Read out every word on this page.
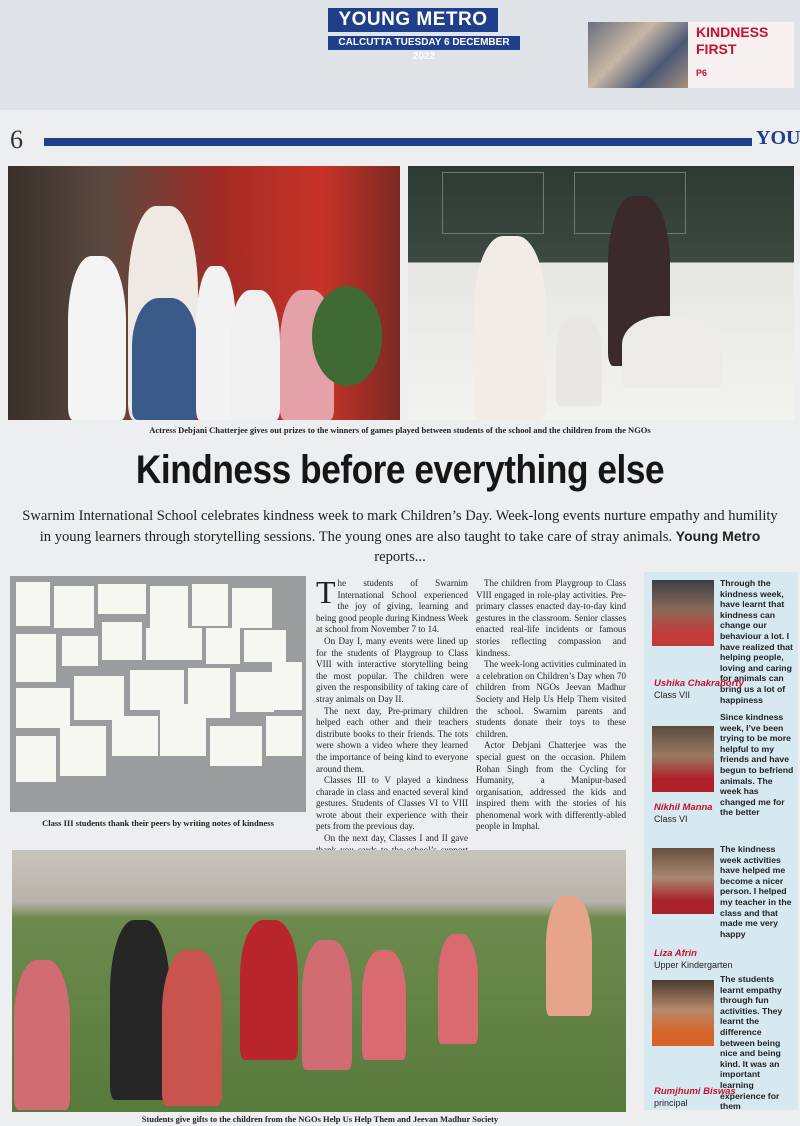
YOUNG METRO
CALCUTTA TUESDAY 6 DECEMBER 2022
KINDNESS FIRST
P6
6	YOU
Actress Debjani Chatterjee gives out prizes to the winners of games played between students of the school and the children from the NGOs
Kindness before everything else
Swarnim International School celebrates kindness week to mark Children’s Day. Week-long events nurture empathy and humility in young learners through storytelling sessions. The young ones are also taught to take care of stray animals. Young Metro reports...
Class III students thank their peers by writing notes of kindness

The students of Swarnim International School experienced the joy of giving, learning and being good people during Kindness Week at school from November 7 to 14.

On Day I, many events were lined up for the students of Playgroup to Class VIII with interactive storytelling being the most popular. The children were given the responsibility of taking care of stray animals on Day II.

The next day, Pre-primary children helped each other and their teachers distribute books to their friends. The tots were shown a video where they learned the importance of being kind to everyone around them.

Classes III to V played a kindness charade in class and enacted several kind gestures. Students of Classes VI to VIII wrote about their experience with their pets from the previous day.

On the next day, Classes I and II gave

The children from Playgroup to Class VIII engaged in role-play activities. Pre-primary classes enacted day-to-day kind gestures in the classroom. Senior classes enacted real-life incidents or famous stories reflecting compassion and kindness.

The week-long activities culminated in a celebration on Children’s Day when 70 children from NGOs Jeevan Madhur Society and Help Us Help Them visited the school. Swarnim parents and students donate their toys to these children.

Actor Debjani Chatterjee was the special guest on the occasion. Philem Rohan Singh from the Cycling for Humanity, a Manipur-based organisation, addressed the kids and inspired them with the stories of his phenomenal work with differently-abled people in Imphal.

Students give gifts to the children from the NGOs Help Us Help Them and Jeevan Madhur Society
Through the kindness week, have learnt that kindness can change our behaviour a lot. I have realized that helping people, loving and caring for animals can bring us a lot of happiness
Ushika Chakraborty
Class VII
Since kindness week, I’ve been trying to be more helpful to my friends and have begun to befriend animals. The week has changed me for the better
Nikhil Manna
Class VI
The kindness week activities have helped me become a nicer person. I helped my teacher in the class and that made me very happy
Liza Afrin
Upper Kindergarten
The students learnt empathy through fun activities. They learnt the difference between being nice and being kind. It was an important learning experience for them
Rumjhumi Biswas
principal
